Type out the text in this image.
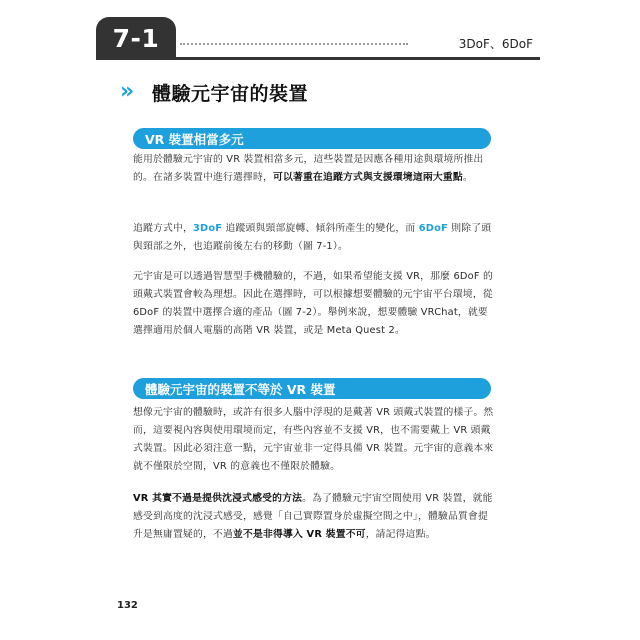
7-1	3DoF、6DoF
» 體驗元宇宙的裝置
VR 裝置相當多元

能用於體驗元宇宙的 VR 裝置相當多元，這些裝置是因應各種用途與環境所推出的。在諸多裝置中進行選擇時，可以著重在追蹤方式與支援環境這兩大重點。

追蹤方式中，3DoF 追蹤頭與頸部旋轉、傾斜所產生的變化，而 6DoF 則除了頭與頸部之外，也追蹤前後左右的移動（圖 7-1）。

元宇宙是可以透過智慧型手機體驗的，不過，如果希望能支援 VR，那麼 6DoF 的頭戴式裝置會較為理想。因此在選擇時，可以根據想要體驗的元宇宙平台環境，從 6DoF 的裝置中選擇合適的產品（圖 7-2）。舉例來說，想要體驗 VRChat，就要選擇適用於個人電腦的高階 VR 裝置，或是 Meta Quest 2。

體驗元宇宙的裝置不等於 VR 裝置

想像元宇宙的體驗時，或許有很多人腦中浮現的是戴著 VR 頭戴式裝置的樣子。然而，這要視內容與使用環境而定，有些內容並不支援 VR，也不需要戴上 VR 頭戴式裝置。因此必須注意一點，元宇宙並非一定得具備 VR 裝置。元宇宙的意義本來就不僅限於空間，VR 的意義也不僅限於體驗。

VR 其實不過是提供沈浸式感受的方法。為了體驗元宇宙空間使用 VR 裝置，就能感受到高度的沈浸式感受，感覺「自己實際置身於虛擬空間之中」，體驗品質會提升是無庸置疑的，不過並不是非得導入 VR 裝置不可，請記得這點。

132
